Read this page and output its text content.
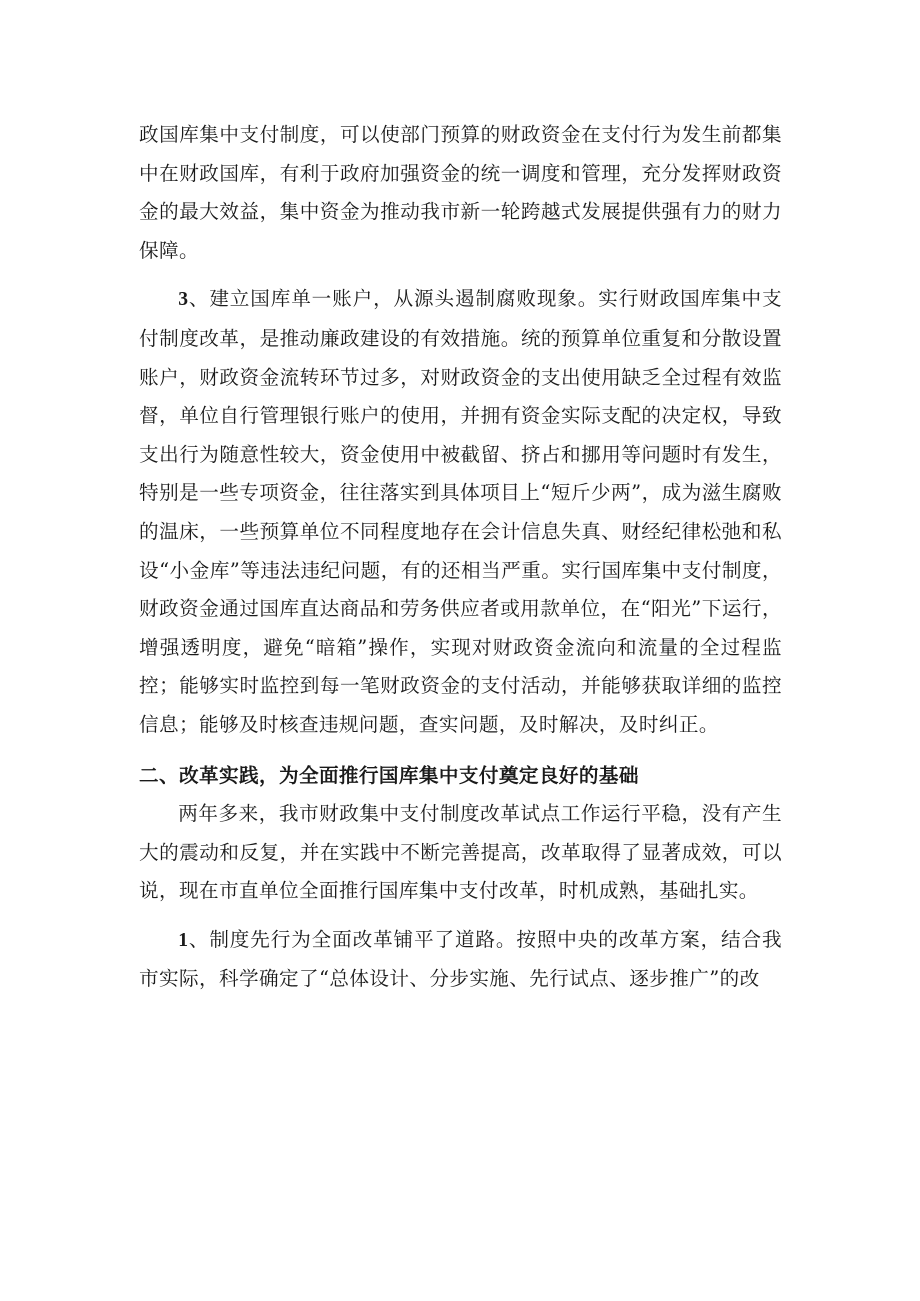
政国库集中支付制度，可以使部门预算的财政资金在支付行为发生前都集中在财政国库，有利于政府加强资金的统一调度和管理，充分发挥财政资金的最大效益，集中资金为推动我市新一轮跨越式发展提供强有力的财力保障。

3、建立国库单一账户，从源头遏制腐败现象。实行财政国库集中支付制度改革，是推动廉政建设的有效措施。统的预算单位重复和分散设置账户，财政资金流转环节过多，对财政资金的支出使用缺乏全过程有效监督，单位自行管理银行账户的使用，并拥有资金实际支配的决定权，导致支出行为随意性较大，资金使用中被截留、挤占和挪用等问题时有发生，特别是一些专项资金，往往落实到具体项目上“短斤少两”，成为滋生腐败的温床，一些预算单位不同程度地存在会计信息失真、财经纪律松弛和私设“小金库”等违法违纪问题，有的还相当严重。实行国库集中支付制度，财政资金通过国库直达商品和劳务供应者或用款单位，在“阳光”下运行，增强透明度，避免“暗箱”操作，实现对财政资金流向和流量的全过程监控；能够实时监控到每一笔财政资金的支付活动，并能够获取详细的监控信息；能够及时核查违规问题，查实问题，及时解决，及时纠正。

二、改革实践，为全面推行国库集中支付奠定良好的基础

两年多来，我市财政集中支付制度改革试点工作运行平稳，没有产生大的震动和反复，并在实践中不断完善提高，改革取得了显著成效，可以说，现在市直单位全面推行国库集中支付改革，时机成熟，基础扎实。

1、制度先行为全面改革铺平了道路。按照中央的改革方案，结合我市实际，科学确定了“总体设计、分步实施、先行试点、逐步推广”的改
